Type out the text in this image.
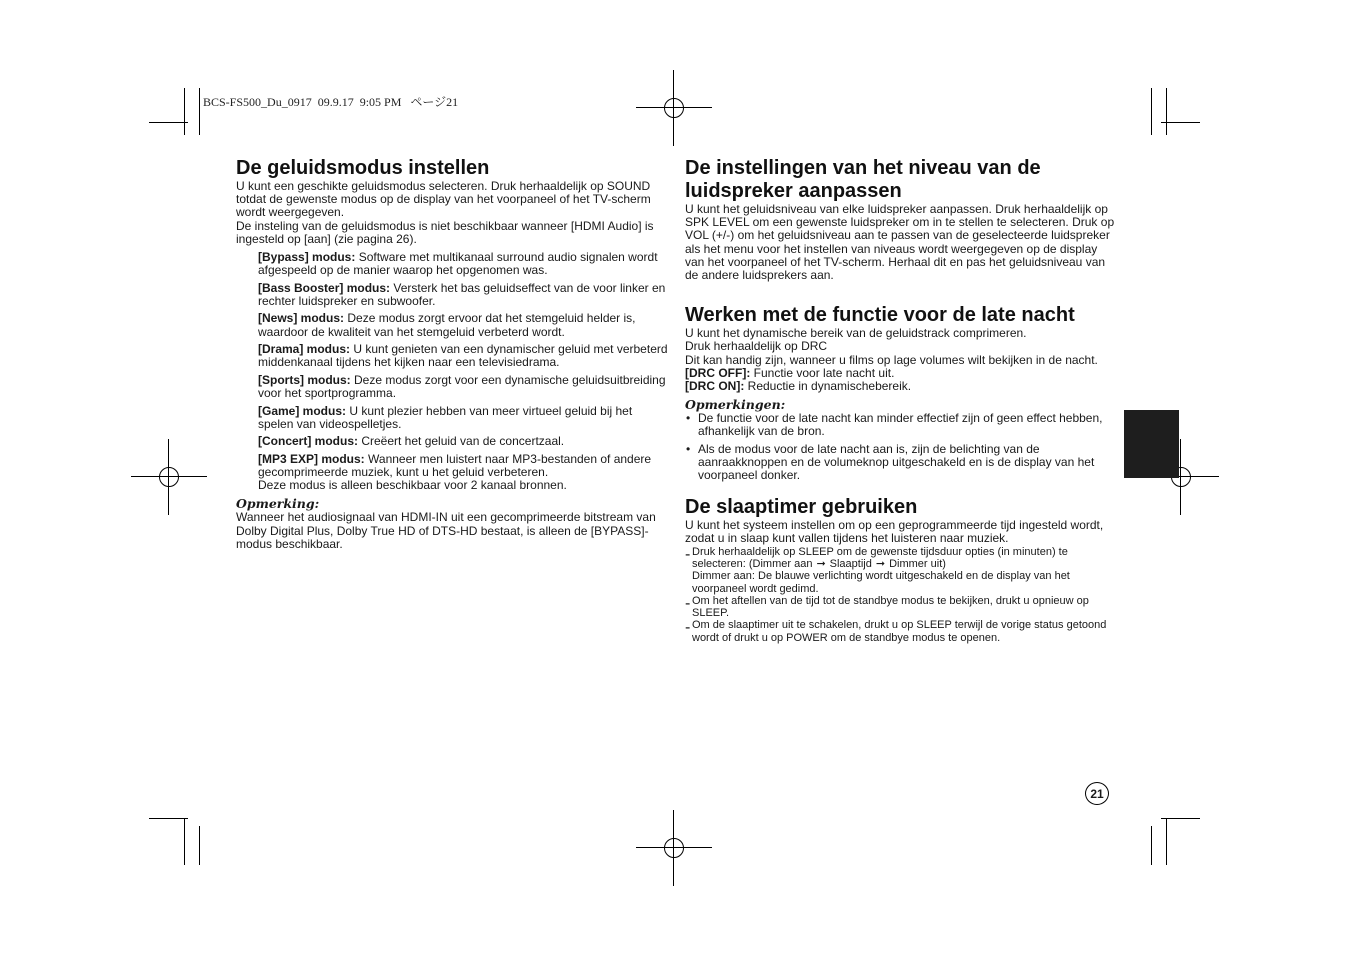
BCS-FS500_Du_0917  09.9.17  9:05 PM   ページ21
De geluidsmodus instellen

U kunt een geschikte geluidsmodus selecteren. Druk herhaaldelijk op SOUND totdat de gewenste modus op de display van het voorpaneel of het TV-scherm wordt weergegeven.

De insteling van de geluidsmodus is niet beschikbaar wanneer [HDMI Audio] is ingesteld op [aan] (zie pagina 26).

[Bypass] modus: Software met multikanaal surround audio signalen wordt afgespeeld op de manier waarop het opgenomen was.

[Bass Booster] modus: Versterk het bas geluidseffect van de voor linker en rechter luidspreker en subwoofer.

[News] modus: Deze modus zorgt ervoor dat het stemgeluid helder is, waardoor de kwaliteit van het stemgeluid verbeterd wordt.

[Drama] modus: U kunt genieten van een dynamischer geluid met verbeterd middenkanaal tijdens het kijken naar een televisiedrama.

[Sports] modus: Deze modus zorgt voor een dynamische geluidsuitbreiding voor het sportprogramma.

[Game] modus: U kunt plezier hebben van meer virtueel geluid bij het spelen van videospelletjes.

[Concert] modus: Creëert het geluid van de concertzaal.

[MP3 EXP] modus: Wanneer men luistert naar MP3-bestanden of andere gecomprimeerde muziek, kunt u het geluid verbeteren.
Deze modus is alleen beschikbaar voor 2 kanaal bronnen.

Opmerking:

Wanneer het audiosignaal van HDMI-IN uit een gecomprimeerde bitstream van Dolby Digital Plus, Dolby True HD of DTS-HD bestaat, is alleen de [BYPASS]-modus beschikbaar.

De instellingen van het niveau van de luidspreker aanpassen

U kunt het geluidsniveau van elke luidspreker aanpassen. Druk herhaaldelijk op SPK LEVEL om een gewenste luidspreker om in te stellen te selecteren. Druk op VOL (+/-) om het geluidsniveau aan te passen van de geselecteerde luidspreker als het menu voor het instellen van niveaus wordt weergegeven op de display van het voorpaneel of het TV-scherm. Herhaal dit en pas het geluidsniveau van de andere luidsprekers aan.

Werken met de functie voor de late nacht

U kunt het dynamische bereik van de geluidstrack comprimeren.

Druk herhaaldelijk op DRC

Dit kan handig zijn, wanneer u films op lage volumes wilt bekijken in de nacht.

[DRC OFF]: Functie voor late nacht uit.

[DRC ON]: Reductie in dynamischebereik.

Opmerkingen:
• De functie voor de late nacht kan minder effectief zijn of geen effect hebben, afhankelijk van de bron.
• Als de modus voor de late nacht aan is, zijn de belichting van de aanraakknoppen en de volumeknop uitgeschakeld en is de display van het voorpaneel donker.
De slaaptimer gebruiken

U kunt het systeem instellen om op een geprogrammeerde tijd ingesteld wordt, zodat u in slaap kunt vallen tijdens het luisteren naar muziek.

- Druk herhaaldelijk op SLEEP om de gewenste tijdsduur opties (in minuten) te selecteren: (Dimmer aan ➞ Slaaptijd ➞ Dimmer uit)
Dimmer aan: De blauwe verlichting wordt uitgeschakeld en de display van het voorpaneel wordt gedimd.

- Om het aftellen van de tijd tot de standbye modus te bekijken, drukt u opnieuw op SLEEP.

- Om de slaaptimer uit te schakelen, drukt u op SLEEP terwijl de vorige status getoond wordt of drukt u op POWER om de standbye modus te openen.

21
